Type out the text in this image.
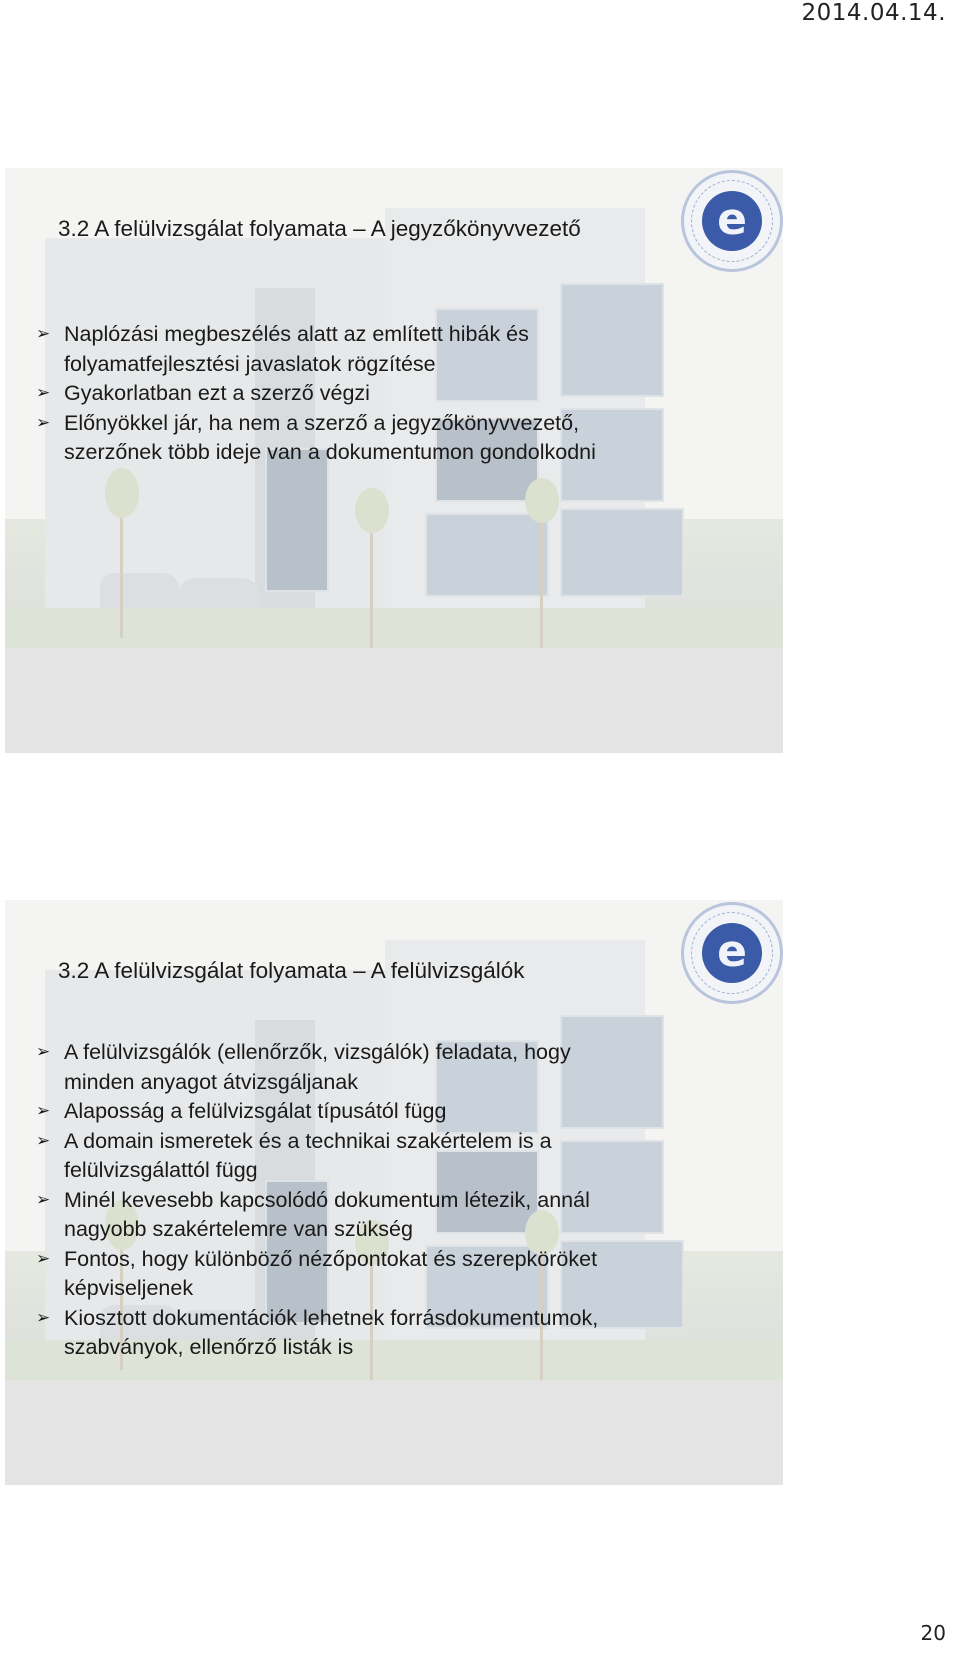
2014.04.14.
e
3.2 A felülvizsgálat folyamata – A jegyzőkönyvvezető
➢ Naplózási megbeszélés alatt az említett hibák és
folyamatfejlesztési javaslatok rögzítése
➢ Gyakorlatban ezt a szerző végzi
➢ Előnyökkel jár, ha nem a szerző a jegyzőkönyvvezető,
szerzőnek több ideje van a dokumentumon gondolkodni
e
3.2 A felülvizsgálat folyamata – A felülvizsgálók
➢ A felülvizsgálók (ellenőrzők, vizsgálók) feladata, hogy
minden anyagot átvizsgáljanak
➢ Alaposság a felülvizsgálat típusától függ
➢ A domain ismeretek és a technikai szakértelem is a
felülvizsgálattól függ
➢ Minél kevesebb kapcsolódó dokumentum létezik, annál
nagyobb szakértelemre van szükség
➢ Fontos, hogy különböző nézőpontokat és szerepköröket
képviseljenek
➢ Kiosztott dokumentációk lehetnek forrásdokumentumok,
szabványok, ellenőrző listák is
20
